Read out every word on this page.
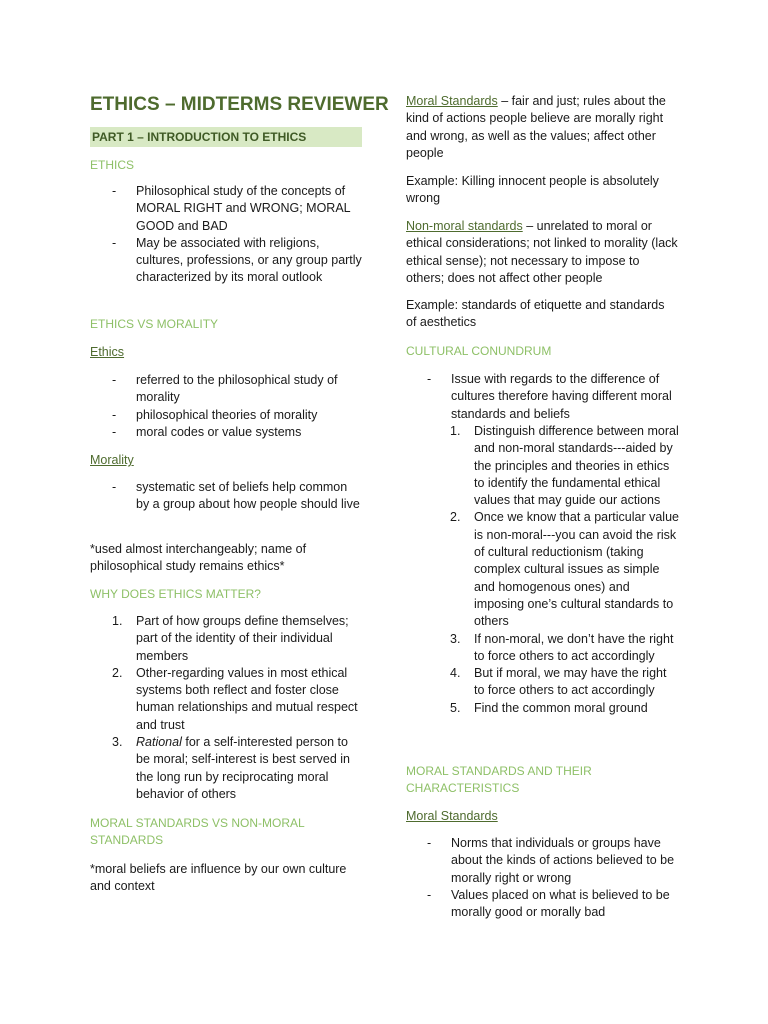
ETHICS – MIDTERMS REVIEWER
PART 1 – INTRODUCTION TO ETHICS
ETHICS
- Philosophical study of the concepts of MORAL RIGHT and WRONG; MORAL GOOD and BAD
- May be associated with religions, cultures, professions, or any group partly characterized by its moral outlook
ETHICS VS MORALITY
Ethics
- referred to the philosophical study of morality
- philosophical theories of morality
- moral codes or value systems
Morality
- systematic set of beliefs help common by a group about how people should live
*used almost interchangeably; name of philosophical study remains ethics*
WHY DOES ETHICS MATTER?
1. Part of how groups define themselves; part of the identity of their individual members
2. Other-regarding values in most ethical systems both reflect and foster close human relationships and mutual respect and trust
3. Rational for a self-interested person to be moral; self-interest is best served in the long run by reciprocating moral behavior of others
MORAL STANDARDS VS NON-MORAL STANDARDS
*moral beliefs are influence by our own culture and context
Moral Standards – fair and just; rules about the kind of actions people believe are morally right and wrong, as well as the values; affect other people
Example: Killing innocent people is absolutely wrong
Non-moral standards – unrelated to moral or ethical considerations; not linked to morality (lack ethical sense); not necessary to impose to others; does not affect other people
Example: standards of etiquette and standards of aesthetics
CULTURAL CONUNDRUM
- Issue with regards to the difference of cultures therefore having different moral standards and beliefs
1. Distinguish difference between moral and non-moral standards---aided by the principles and theories in ethics to identify the fundamental ethical values that may guide our actions
2. Once we know that a particular value is non-moral---you can avoid the risk of cultural reductionism (taking complex cultural issues as simple and homogenous ones) and imposing one’s cultural standards to others
3. If non-moral, we don’t have the right to force others to act accordingly
4. But if moral, we may have the right to force others to act accordingly
5. Find the common moral ground
MORAL STANDARDS AND THEIR CHARACTERISTICS
Moral Standards
- Norms that individuals or groups have about the kinds of actions believed to be morally right or wrong
- Values placed on what is believed to be morally good or morally bad
